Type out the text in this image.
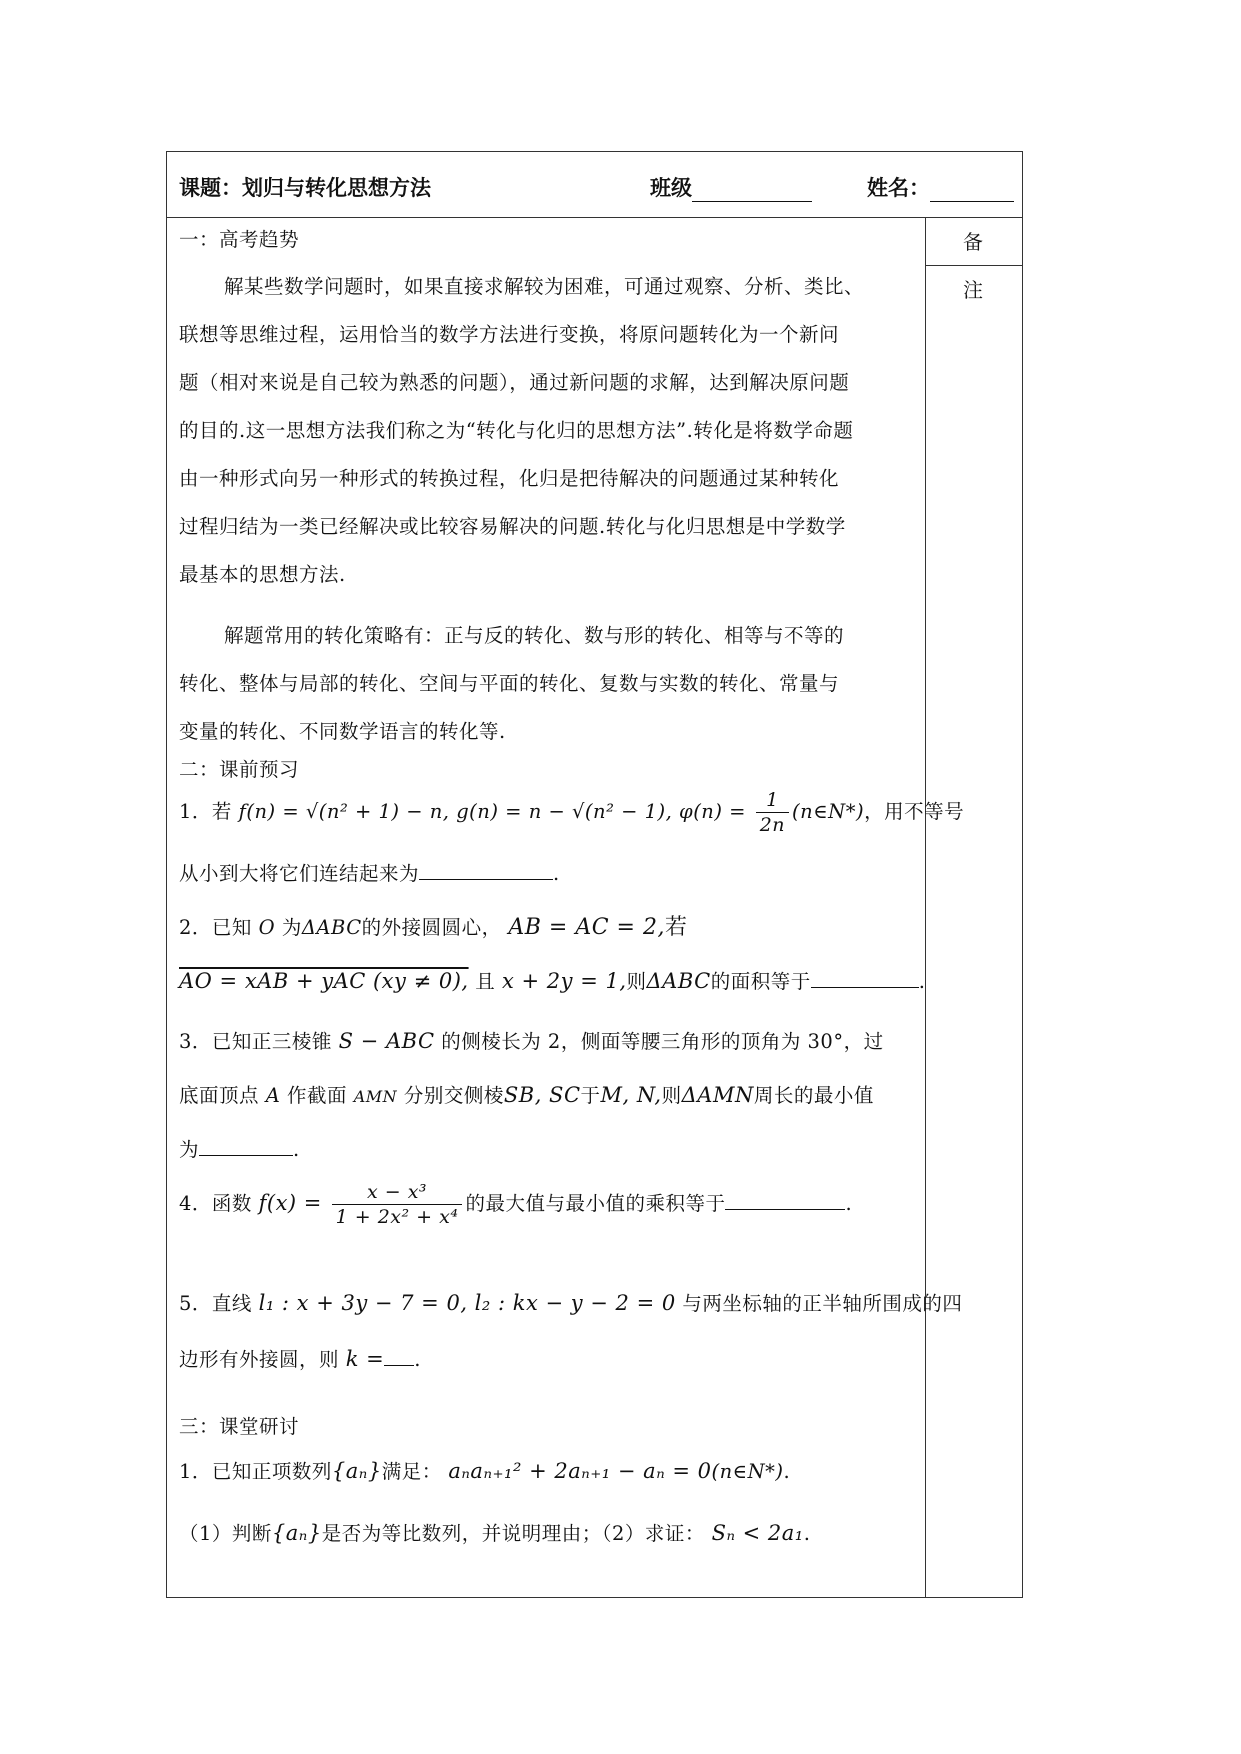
课题：划归与转化思想方法	班级	姓名：
备注
一：高考趋势
解某些数学问题时，如果直接求解较为困难，可通过观察、分析、类比、
联想等思维过程，运用恰当的数学方法进行变换，将原问题转化为一个新问
题（相对来说是自己较为熟悉的问题），通过新问题的求解，达到解决原问题
的目的.这一思想方法我们称之为“转化与化归的思想方法”.转化是将数学命题
由一种形式向另一种形式的转换过程，化归是把待解决的问题通过某种转化
过程归结为一类已经解决或比较容易解决的问题.转化与化归思想是中学数学
最基本的思想方法.
解题常用的转化策略有：正与反的转化、数与形的转化、相等与不等的
转化、整体与局部的转化、空间与平面的转化、复数与实数的转化、常量与
变量的转化、不同数学语言的转化等.
二：课前预习
1．若 f(n) = √(n² + 1) − n, g(n) = n − √(n² − 1), $\varphi(n) = \frac{1}{2n}$ (n∈N*)，用不等号
从小到大将它们连结起来为	.
2．已知 O 为ΔABC的外接圆圆心， AB = AC = 2,若
AO = xAB + yAC (xy ≠ 0), 且 x + 2y = 1,则ΔABC的面积等于	.
3．已知正三棱锥 S − ABC 的侧棱长为 2，侧面等腰三角形的顶角为 30°，过
底面顶点 A 作截面 AMN 分别交侧棱SB, SC于M, N,则ΔAMN周长的最小值
为	.
4．函数 $f(x) = \frac{\text{x − x³}}{\text{1 + 2x² + x⁴}}$ 的最大值与最小值的乘积等于	.
5．直线 l₁ : x + 3y − 7 = 0, l₂ : kx − y − 2 = 0 与两坐标轴的正半轴所围成的四
边形有外接圆，则 k = .
三：课堂研讨
1．已知正项数列{aₙ}满足： aₙaₙ₊₁² + 2aₙ₊₁ − aₙ = 0(n∈N*).
（1）判断{aₙ}是否为等比数列，并说明理由；（2）求证： Sₙ < 2a₁.
